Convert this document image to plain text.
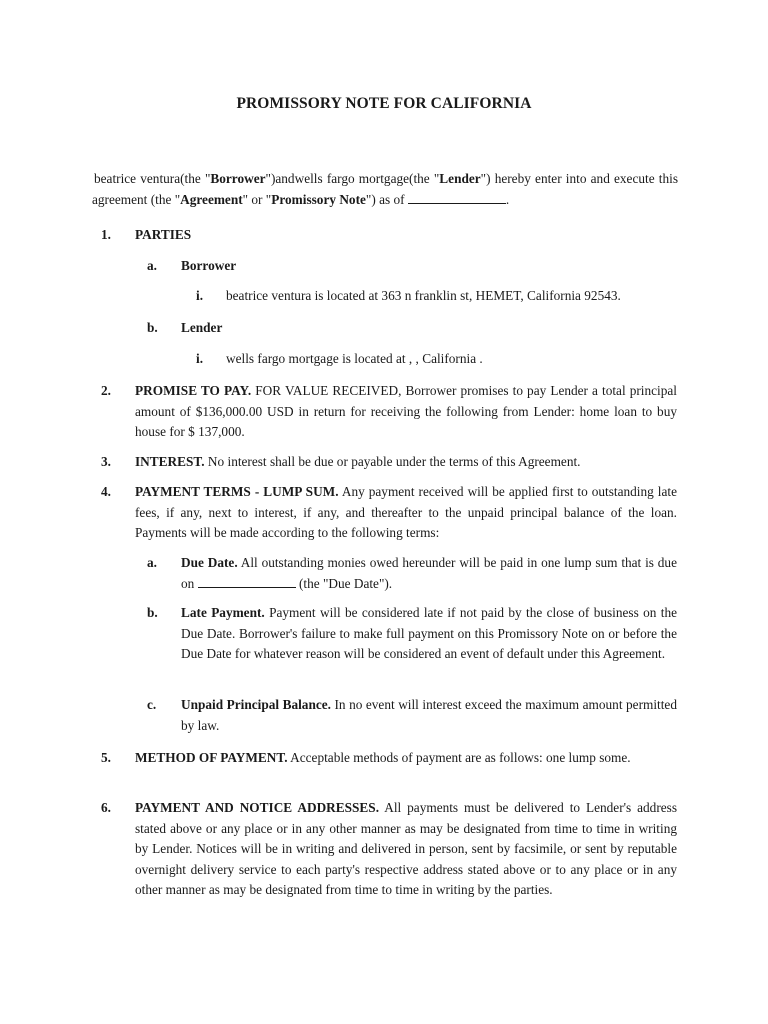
PROMISSORY NOTE FOR CALIFORNIA

beatrice ventura(the "Borrower")andwells fargo mortgage(the "Lender") hereby enter into and execute this agreement (the "Agreement" or "Promissory Note") as of	.

1. PARTIES
a. Borrower
i. beatrice ventura is located at 363 n franklin st, HEMET, California 92543.
b. Lender
i. wells fargo mortgage is located at , , California .
2. PROMISE TO PAY. FOR VALUE RECEIVED, Borrower promises to pay Lender a total principal amount of $136,000.00 USD in return for receiving the following from Lender: home loan to buy house for $ 137,000.
3. INTEREST. No interest shall be due or payable under the terms of this Agreement.
4. PAYMENT TERMS - LUMP SUM. Any payment received will be applied first to outstanding late fees, if any, next to interest, if any, and thereafter to the unpaid principal balance of the loan. Payments will be made according to the following terms:
a. Due Date. All outstanding monies owed hereunder will be paid in one lump sum that is due on	(the "Due Date").
b. Late Payment. Payment will be considered late if not paid by the close of business on the Due Date. Borrower's failure to make full payment on this Promissory Note on or before the Due Date for whatever reason will be considered an event of default under this Agreement.
c. Unpaid Principal Balance. In no event will interest exceed the maximum amount permitted by law.
5. METHOD OF PAYMENT. Acceptable methods of payment are as follows: one lump some.
6. PAYMENT AND NOTICE ADDRESSES. All payments must be delivered to Lender's address stated above or any place or in any other manner as may be designated from time to time in writing by Lender. Notices will be in writing and delivered in person, sent by facsimile, or sent by reputable overnight delivery service to each party's respective address stated above or to any place or in any other manner as may be designated from time to time in writing by the parties.
